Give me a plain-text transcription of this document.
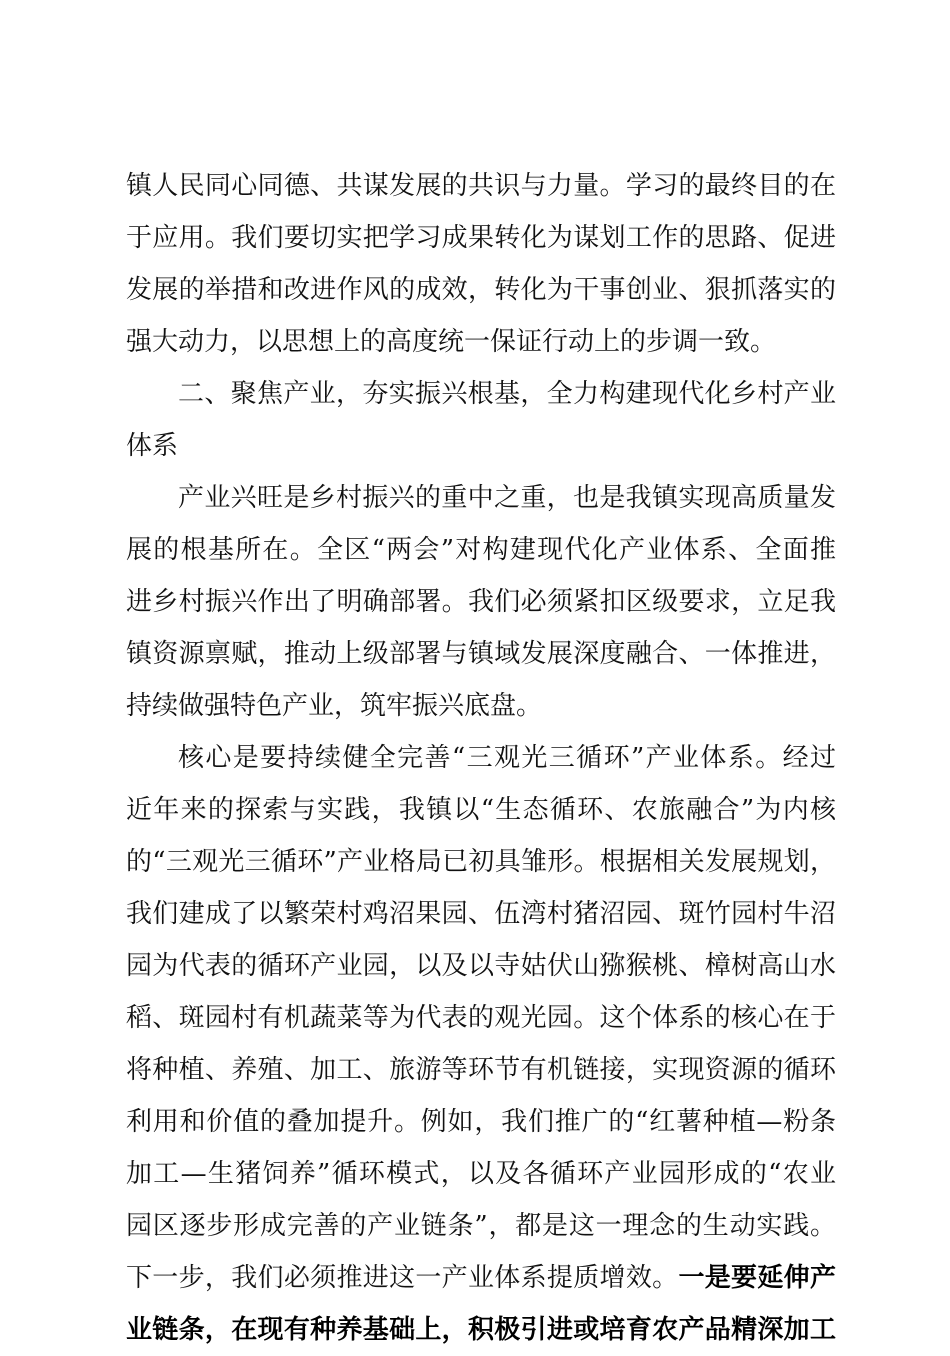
镇人民同心同德、共谋发展的共识与力量。学习的最终目的在
于应用。我们要切实把学习成果转化为谋划工作的思路、促进
发展的举措和改进作风的成效，转化为干事创业、狠抓落实的
强大动力，以思想上的高度统一保证行动上的步调一致。
二、聚焦产业，夯实振兴根基，全力构建现代化乡村产业
体系
产业兴旺是乡村振兴的重中之重，也是我镇实现高质量发
展的根基所在。全区“两会”对构建现代化产业体系、全面推
进乡村振兴作出了明确部署。我们必须紧扣区级要求，立足我
镇资源禀赋，推动上级部署与镇域发展深度融合、一体推进，
持续做强特色产业，筑牢振兴底盘。
核心是要持续健全完善“三观光三循环”产业体系。经过
近年来的探索与实践，我镇以“生态循环、农旅融合”为内核
的“三观光三循环”产业格局已初具雏形。根据相关发展规划，
我们建成了以繁荣村鸡沼果园、伍湾村猪沼园、斑竹园村牛沼
园为代表的循环产业园，以及以寺姑伏山猕猴桃、樟树高山水
稻、斑园村有机蔬菜等为代表的观光园。这个体系的核心在于
将种植、养殖、加工、旅游等环节有机链接，实现资源的循环
利用和价值的叠加提升。例如，我们推广的“红薯种植—粉条
加工—生猪饲养”循环模式，以及各循环产业园形成的“农业
园区逐步形成完善的产业链条”，都是这一理念的生动实践。
下一步，我们必须推进这一产业体系提质增效。一是要延伸产
业链条，在现有种养基础上，积极引进或培育农产品精深加工
